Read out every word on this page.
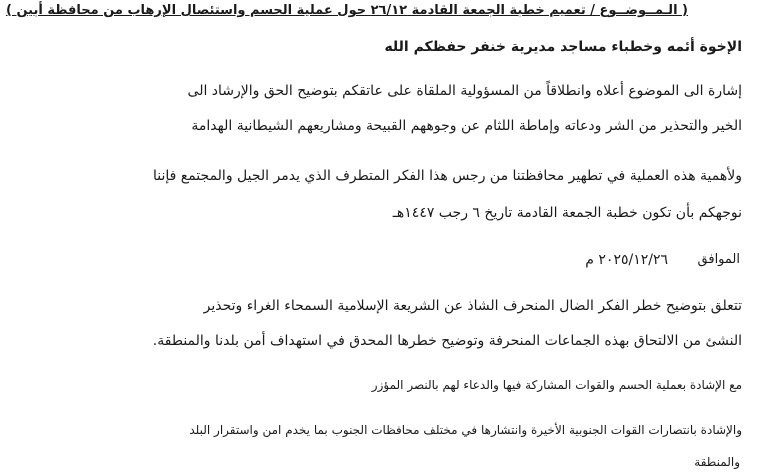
( الـمــوضــوع / تعميم خطبة الجمعة القادمة ٢٦/١٢ حول عملية الحسم واستئصال الإرهاب من محافظة أبين )
الإخوة أئمه وخطباء مساجد مديرية خنفر حفظكم الله
إشارة الى الموضوع أعلاه وانطلاقاً من المسؤولية الملقاة على عاتقكم بتوضيح الحق والإرشاد الى
الخير والتحذير من الشر ودعاته وإماطة اللثام عن وجوههم القبيحة ومشاريعهم الشيطانية الهدامة
ولأهمية هذه العملية في تطهير محافظتنا من رجس هذا الفكر المتطرف الذي يدمر الجيل والمجتمع فإننا
نوجهكم بأن تكون خطبة الجمعة القادمة تاريخ ٦ رجب ١٤٤٧هـ
الموافق
٢٠٢٥/١٢/٢٦ م
تتعلق بتوضيح خطر الفكر الضال المنحرف الشاذ عن الشريعة الإسلامية السمحاء الغراء وتحذير
النشئ من الالتحاق بهذه الجماعات المنحرفة وتوضيح خطرها المحدق في استهداف أمن بلدنا والمنطقة.
مع الإشادة بعملية الحسم والقوات المشاركة فيها والدعاء لهم بالنصر المؤزر
والإشادة بانتصارات القوات الجنوبية الأخيرة وانتشارها في مختلف محافظات الجنوب بما يخدم امن واستقرار البلد
والمنطقة
